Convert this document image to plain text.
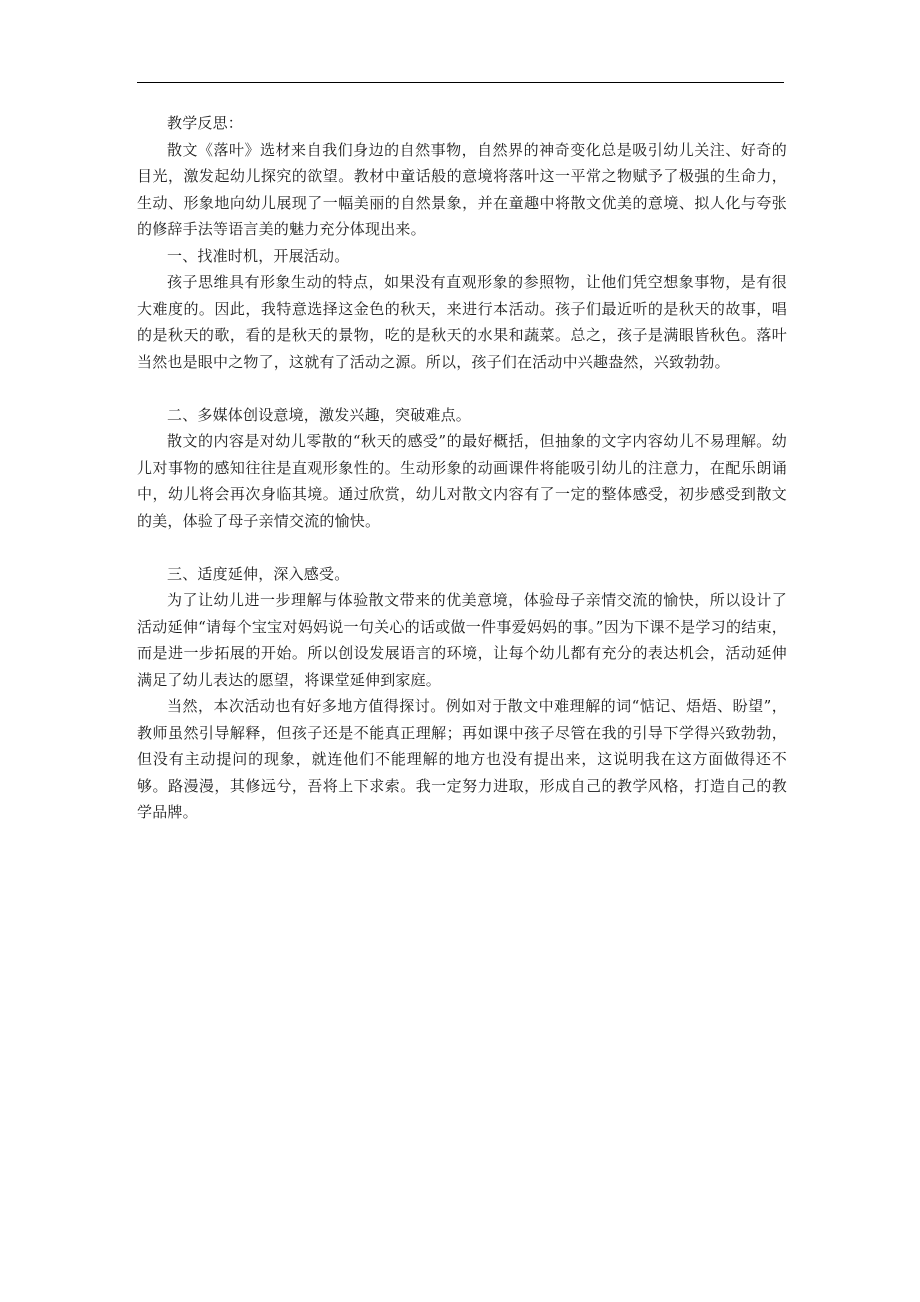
教学反思：

散文《落叶》选材来自我们身边的自然事物，自然界的神奇变化总是吸引幼儿关注、好奇的目光，激发起幼儿探究的欲望。教材中童话般的意境将落叶这一平常之物赋予了极强的生命力，生动、形象地向幼儿展现了一幅美丽的自然景象，并在童趣中将散文优美的意境、拟人化与夸张的修辞手法等语言美的魅力充分体现出来。

一、找准时机，开展活动。

孩子思维具有形象生动的特点，如果没有直观形象的参照物，让他们凭空想象事物，是有很大难度的。因此，我特意选择这金色的秋天，来进行本活动。孩子们最近听的是秋天的故事，唱的是秋天的歌，看的是秋天的景物，吃的是秋天的水果和蔬菜。总之，孩子是满眼皆秋色。落叶当然也是眼中之物了，这就有了活动之源。所以，孩子们在活动中兴趣盎然，兴致勃勃。

二、多媒体创设意境，激发兴趣，突破难点。

散文的内容是对幼儿零散的“秋天的感受”的最好概括，但抽象的文字内容幼儿不易理解。幼儿对事物的感知往往是直观形象性的。生动形象的动画课件将能吸引幼儿的注意力，在配乐朗诵中，幼儿将会再次身临其境。通过欣赏，幼儿对散文内容有了一定的整体感受，初步感受到散文的美，体验了母子亲情交流的愉快。

三、适度延伸，深入感受。

为了让幼儿进一步理解与体验散文带来的优美意境，体验母子亲情交流的愉快，所以设计了活动延伸“请每个宝宝对妈妈说一句关心的话或做一件事爱妈妈的事。”因为下课不是学习的结束，而是进一步拓展的开始。所以创设发展语言的环境，让每个幼儿都有充分的表达机会，活动延伸满足了幼儿表达的愿望，将课堂延伸到家庭。

当然，本次活动也有好多地方值得探讨。例如对于散文中难理解的词“惦记、焐焐、盼望”，教师虽然引导解释，但孩子还是不能真正理解；再如课中孩子尽管在我的引导下学得兴致勃勃，但没有主动提问的现象，就连他们不能理解的地方也没有提出来，这说明我在这方面做得还不够。路漫漫，其修远兮，吾将上下求索。我一定努力进取，形成自己的教学风格，打造自己的教学品牌。
